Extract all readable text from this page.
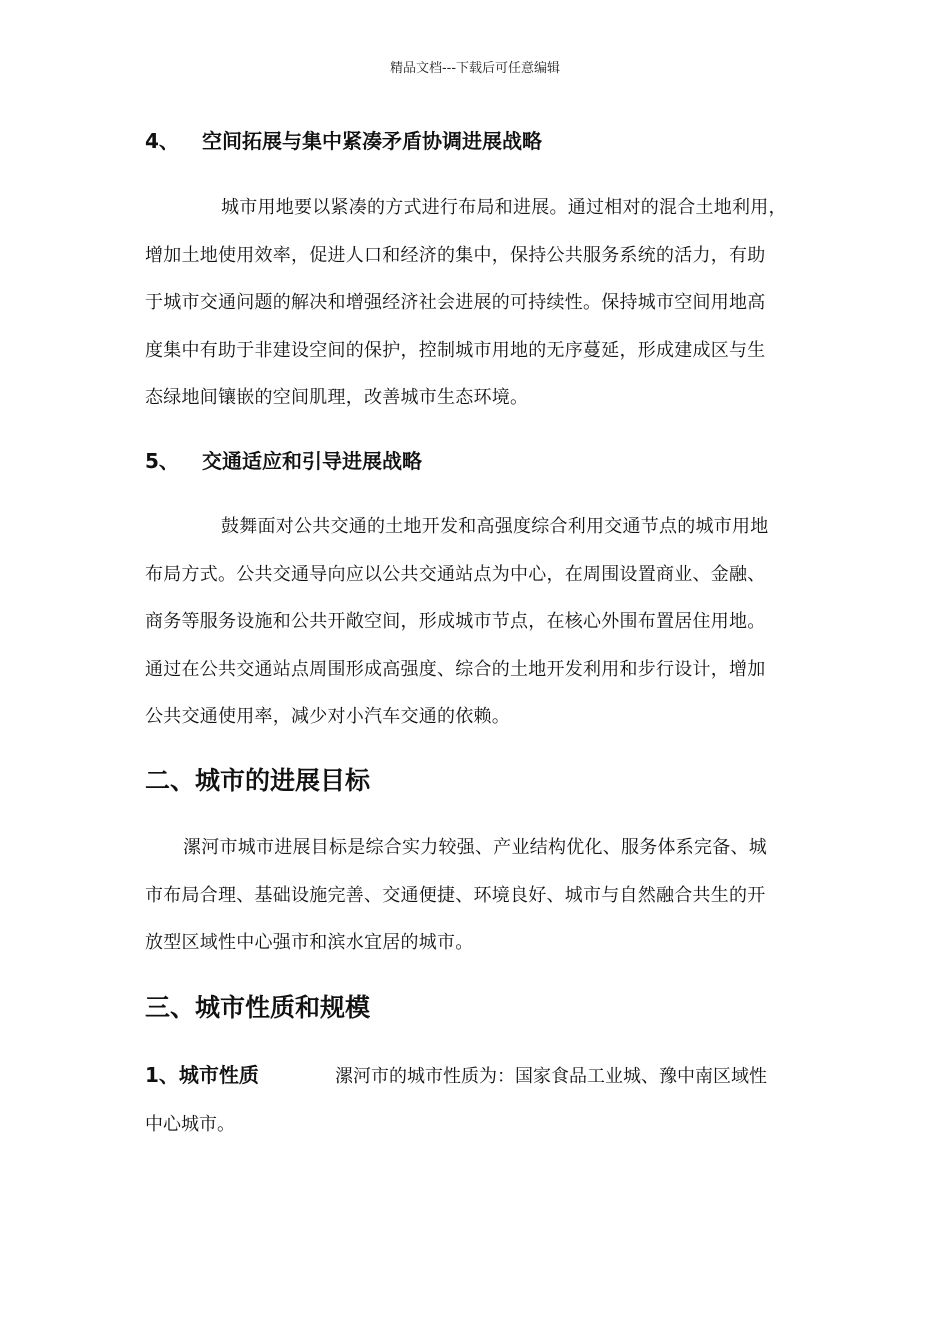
精品文档---下载后可任意编辑
4、 空间拓展与集中紧凑矛盾协调进展战略

城市用地要以紧凑的方式进行布局和进展。通过相对的混合土地利用，

增加土地使用效率，促进人口和经济的集中，保持公共服务系统的活力，有助

于城市交通问题的解决和增强经济社会进展的可持续性。保持城市空间用地高

度集中有助于非建设空间的保护，控制城市用地的无序蔓延，形成建成区与生

态绿地间镶嵌的空间肌理，改善城市生态环境。

5、 交通适应和引导进展战略

鼓舞面对公共交通的土地开发和高强度综合利用交通节点的城市用地

布局方式。公共交通导向应以公共交通站点为中心，在周围设置商业、金融、

商务等服务设施和公共开敞空间，形成城市节点，在核心外围布置居住用地。

通过在公共交通站点周围形成高强度、综合的土地开发利用和步行设计，增加

公共交通使用率，减少对小汽车交通的依赖。

二、城市的进展目标

漯河市城市进展目标是综合实力较强、产业结构优化、服务体系完备、城

市布局合理、基础设施完善、交通便捷、环境良好、城市与自然融合共生的开

放型区域性中心强市和滨水宜居的城市。

三、城市性质和规模
1、城市性质	漯河市的城市性质为：国家食品工业城、豫中南区域性
中心城市。
